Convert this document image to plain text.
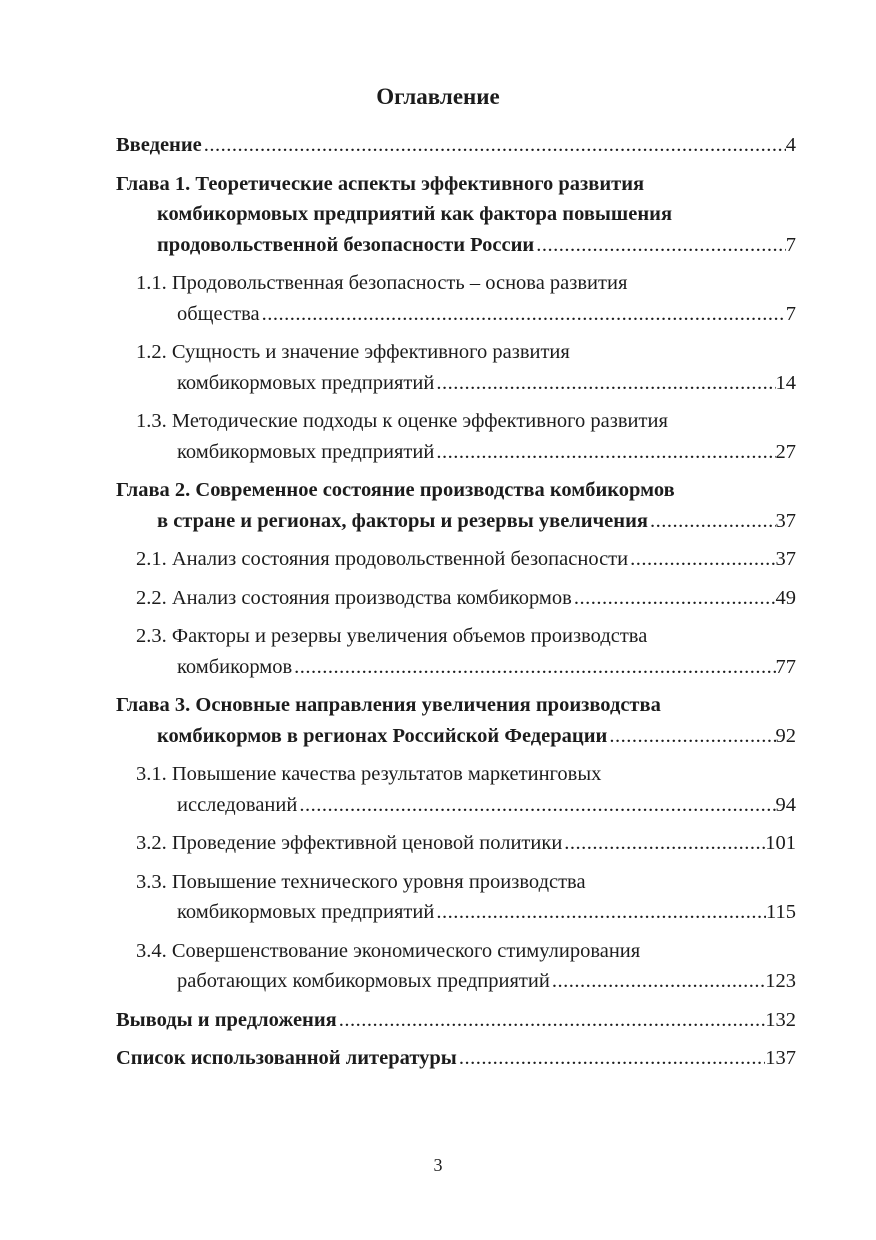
Оглавление
Введение .....	4
Глава 1. Теоретические аспекты эффективного развития
комбикормовых предприятий как фактора повышения
продовольственной безопасности России .....	7
1.1. Продовольственная безопасность – основа развития
общества .....	7
1.2. Сущность и значение эффективного развития
комбикормовых предприятий .....	14
1.3. Методические подходы к оценке эффективного развития
комбикормовых предприятий .....	27
Глава 2. Современное состояние производства комбикормов
в стране и регионах, факторы и резервы увеличения .....	37
2.1. Анализ состояния продовольственной безопасности .....	37
2.2. Анализ состояния производства комбикормов .....	49
2.3. Факторы и резервы увеличения объемов производства
комбикормов .....	77
Глава 3. Основные направления увеличения производства
комбикормов в регионах Российской Федерации .....	92
3.1. Повышение качества результатов маркетинговых
исследований .....	94
3.2. Проведение эффективной ценовой политики .....	101
3.3. Повышение технического уровня производства
комбикормовых предприятий .....	115
3.4. Совершенствование экономического стимулирования
работающих комбикормовых предприятий .....	123
Выводы и предложения .....	132
Список использованной литературы .....	137
3
